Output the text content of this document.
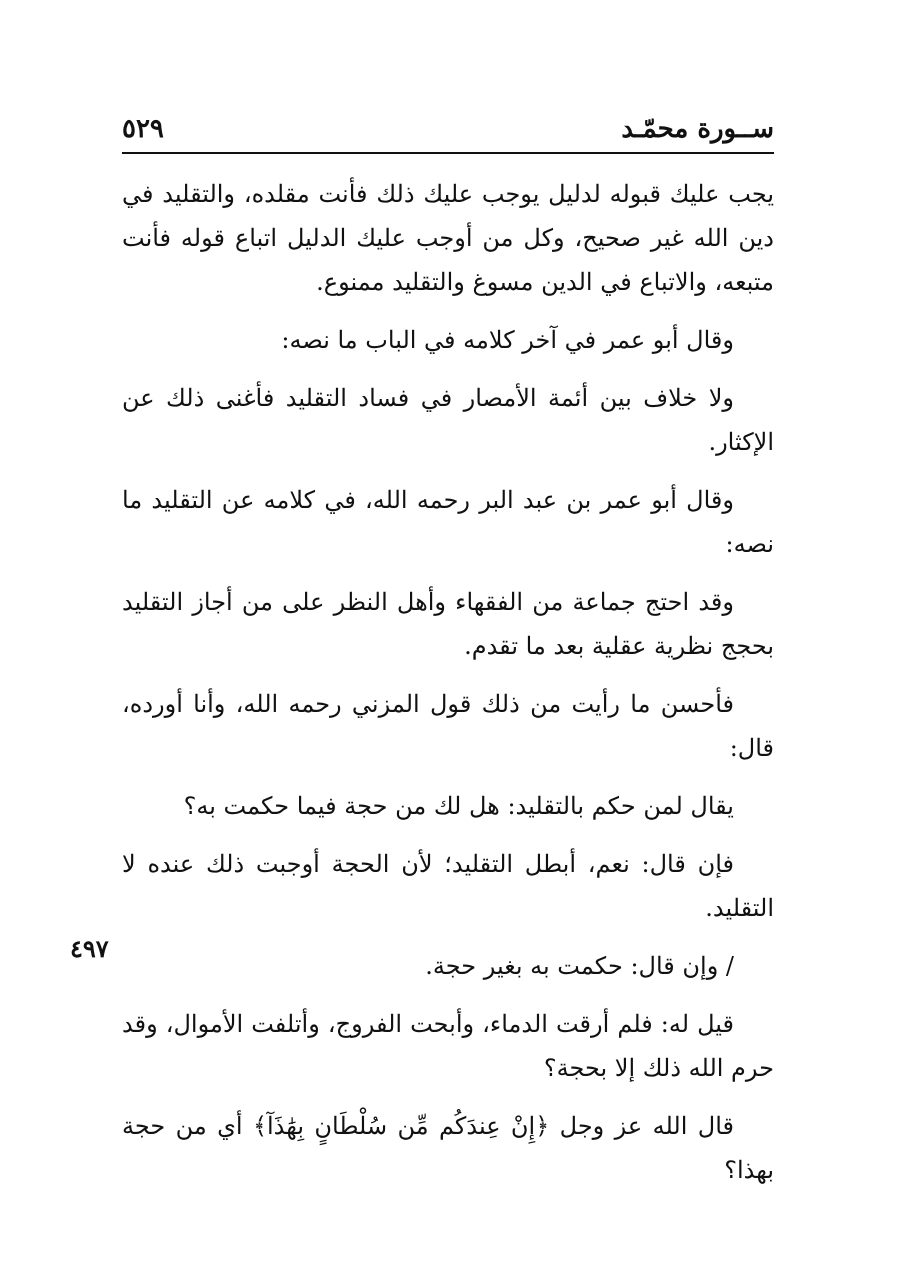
ســورة محمّـد
٥٢٩
٤٩٧

يجب عليك قبوله لدليل يوجب عليك ذلك فأنت مقلده، والتقليد في دين الله غير صحيح، وكل من أوجب عليك الدليل اتباع قوله فأنت متبعه، والاتباع في الدين مسوغ والتقليد ممنوع.

وقال أبو عمر في آخر كلامه في الباب ما نصه:

ولا خلاف بين أئمة الأمصار في فساد التقليد فأغنى ذلك عن الإكثار.

وقال أبو عمر بن عبد البر رحمه الله، في كلامه عن التقليد ما نصه:

وقد احتج جماعة من الفقهاء وأهل النظر على من أجاز التقليد بحجج نظرية عقلية بعد ما تقدم.

فأحسن ما رأيت من ذلك قول المزني رحمه الله، وأنا أورده، قال:

يقال لمن حكم بالتقليد: هل لك من حجة فيما حكمت به؟

فإن قال: نعم، أبطل التقليد؛ لأن الحجة أوجبت ذلك عنده لا التقليد.

/ وإن قال: حكمت به بغير حجة.

قيل له: فلم أرقت الدماء، وأبحت الفروج، وأتلفت الأموال، وقد حرم الله ذلك إلا بحجة؟

قال الله عز وجل ﴿إِنْ عِندَكُم مِّن سُلْطَانٍ بِهَٰذَآ﴾ أي من حجة بهذا؟
